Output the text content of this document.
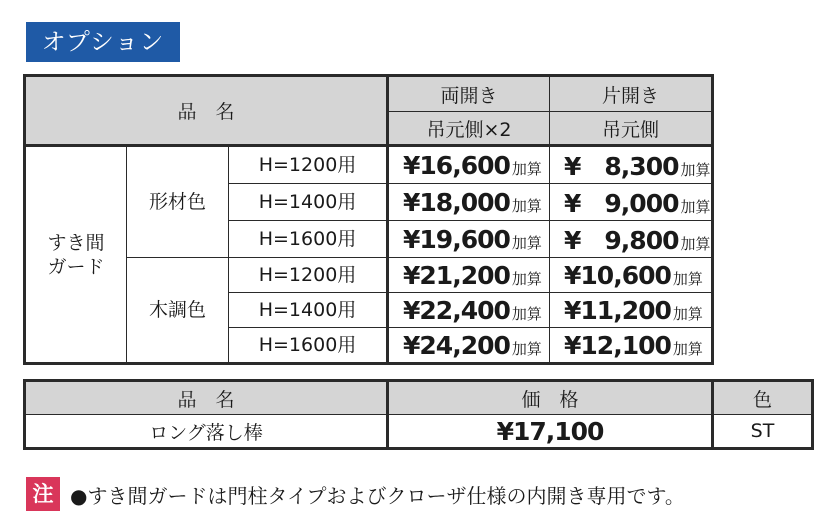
オプション
品　名			両開き	片開き
			吊元側×2	吊元側
すき間
ガード	形材色	H=1200用	¥16,600 加算	¥　8,300 加算
		H=1400用	¥18,000 加算	¥　9,000 加算
		H=1600用	¥19,600 加算	¥　9,800 加算
	木調色	H=1200用	¥21,200 加算	¥10,600 加算
		H=1400用	¥22,400 加算	¥11,200 加算
		H=1600用	¥24,200 加算	¥12,100 加算
品　名	価　格	色
ロング落し棒	¥17,100	ST
注 ●すき間ガードは門柱タイプおよびクローザ仕様の内開き専用です。
